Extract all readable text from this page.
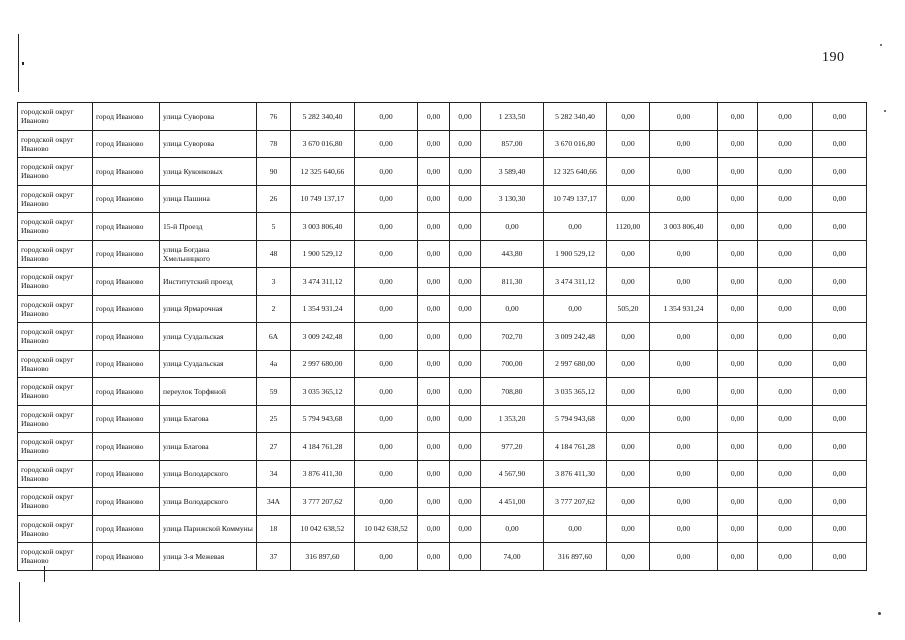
190
городской округ Иваново	город Иваново	улица Суворова	76	5 282 340,40	0,00	0,00	0,00	1 233,50	5 282 340,40	0,00	0,00	0,00	0,00	0,00
городской округ Иваново	город Иваново	улица Суворова	78	3 670 016,80	0,00	0,00	0,00	857,00	3 670 016,80	0,00	0,00	0,00	0,00	0,00
городской округ Иваново	город Иваново	улица Кукоиковых	90	12 325 640,66	0,00	0,00	0,00	3 589,40	12 325 640,66	0,00	0,00	0,00	0,00	0,00
городской округ Иваново	город Иваново	улица Пашина	26	10 749 137,17	0,00	0,00	0,00	3 130,30	10 749 137,17	0,00	0,00	0,00	0,00	0,00
городской округ Иваново	город Иваново	15-й Проезд	5	3 003 806,40	0,00	0,00	0,00	0,00	0,00	1120,00	3 003 806,40	0,00	0,00	0,00
городской округ Иваново	город Иваново	улица Богдана Хмельницкого	48	1 900 529,12	0,00	0,00	0,00	443,80	1 900 529,12	0,00	0,00	0,00	0,00	0,00
городской округ Иваново	город Иваново	Институтский проезд	3	3 474 311,12	0,00	0,00	0,00	811,30	3 474 311,12	0,00	0,00	0,00	0,00	0,00
городской округ Иваново	город Иваново	улица Ярмарочная	2	1 354 931,24	0,00	0,00	0,00	0,00	0,00	505,20	1 354 931,24	0,00	0,00	0,00
городской округ Иваново	город Иваново	улица Суздальская	6А	3 009 242,48	0,00	0,00	0,00	702,70	3 009 242,48	0,00	0,00	0,00	0,00	0,00
городской округ Иваново	город Иваново	улица Суздальская	4а	2 997 680,00	0,00	0,00	0,00	700,00	2 997 680,00	0,00	0,00	0,00	0,00	0,00
городской округ Иваново	город Иваново	переулок Торфяной	59	3 035 365,12	0,00	0,00	0,00	708,80	3 035 365,12	0,00	0,00	0,00	0,00	0,00
городской округ Иваново	город Иваново	улица Благова	25	5 794 943,68	0,00	0,00	0,00	1 353,20	5 794 943,68	0,00	0,00	0,00	0,00	0,00
городской округ Иваново	город Иваново	улица Благова	27	4 184 761,28	0,00	0,00	0,00	977,20	4 184 761,28	0,00	0,00	0,00	0,00	0,00
городской округ Иваново	город Иваново	улица Володарского	34	3 876 411,30	0,00	0,00	0,00	4 567,90	3 876 411,30	0,00	0,00	0,00	0,00	0,00
городской округ Иваново	город Иваново	улица Володарского	34А	3 777 207,62	0,00	0,00	0,00	4 451,00	3 777 207,62	0,00	0,00	0,00	0,00	0,00
городской округ Иваново	город Иваново	улица Парижской Коммуны	18	10 042 638,52	10 042 638,52	0,00	0,00	0,00	0,00	0,00	0,00	0,00	0,00	0,00
городской округ Иваново	город Иваново	улица 3-я Межевая	37	316 897,60	0,00	0,00	0,00	74,00	316 897,60	0,00	0,00	0,00	0,00	0,00
